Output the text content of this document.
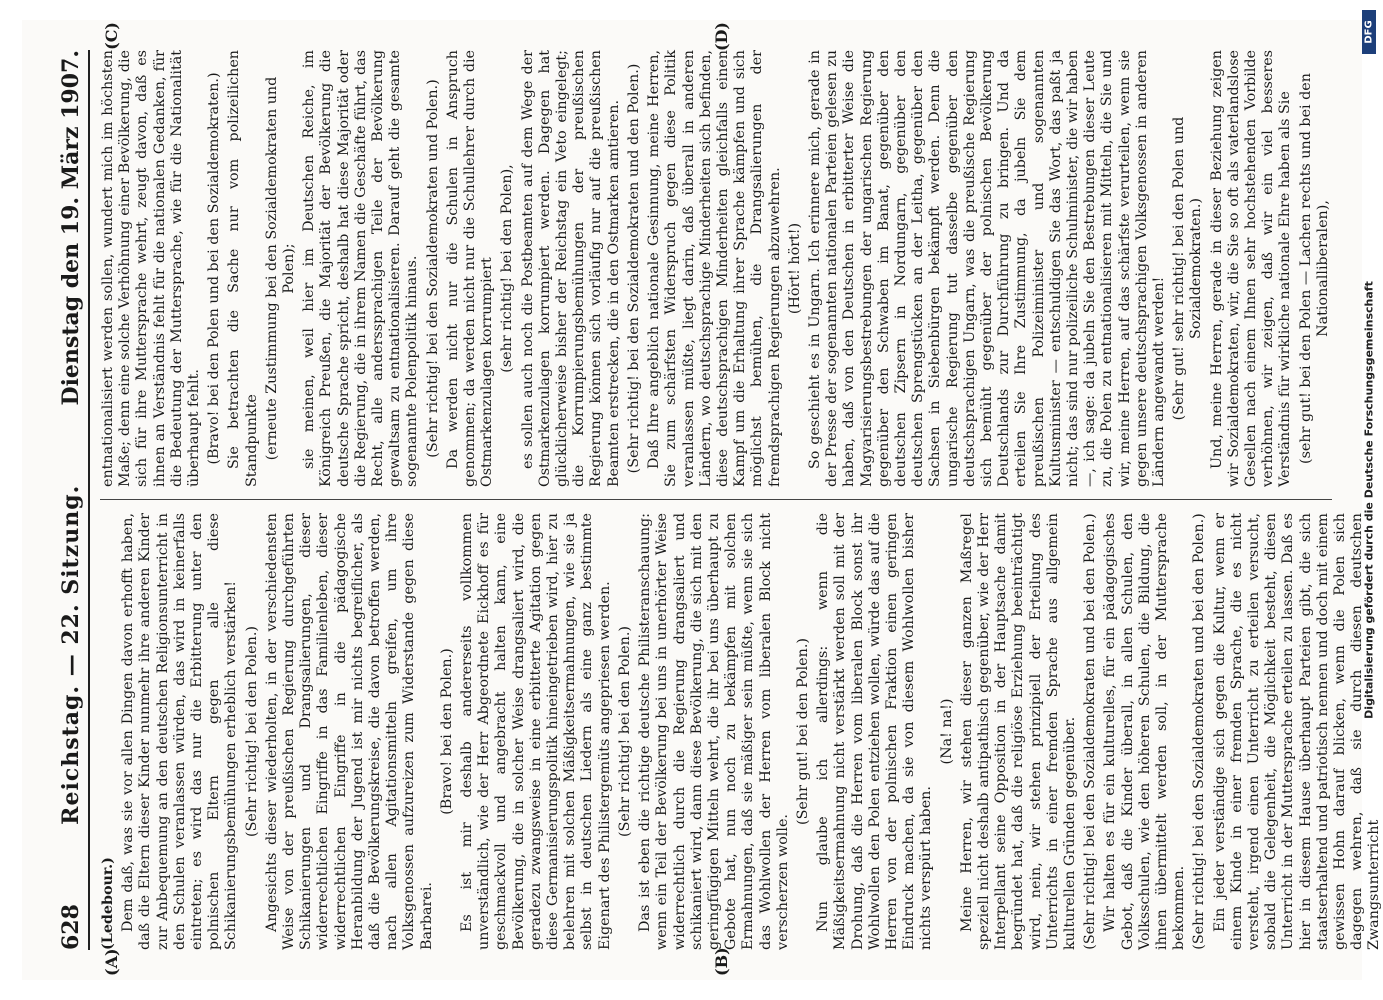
628
Reichstag. — 22. Sitzung.
Dienstag den 19. März 1907.
(A)	(B)
(C)	(D)

(Ledebour.) Dem daß, was sie vor allen Dingen davon erhofft haben, daß die Eltern dieser Kinder nunmehr ihre anderen Kinder zur Anbequemung an den deutschen Religionsunterricht in den Schulen veranlassen würden, das wird in keinerfalls eintreten; es wird das nur die Erbitterung unter den polnischen Eltern gegen alle diese Schikanierungsbemühungen erheblich verstärken! (Sehr richtig! bei den Polen.) Angesichts dieser wiederholten, in der verschiedensten Weise von der preußischen Regierung durchgeführten Schikanierungen und Drangsalierungen, dieser widerrechtlichen Eingriffe in das Familienleben, dieser widerrechtlichen Eingriffe in die pädagogische Heranbildung der Jugend ist mir nichts begreiflicher, als daß die Bevölkerungskreise, die davon betroffen werden, nach allen Agitationsmitteln greifen, um ihre Volksgenossen aufzureizen zum Widerstande gegen diese Barbarei.

(Bravo! bei den Polen.) Es ist mir deshalb andererseits vollkommen unverständlich, wie der Herr Abgeordnete Eickhoff es für geschmackvoll und angebracht halten kann, eine Bevölkerung, die in solcher Weise drangsaliert wird, die geradezu zwangsweise in eine erbitterte Agitation gegen diese Germanisierungspolitik hineingetrieben wird, hier zu belehren mit solchen Mäßigkeitsermahnungen, wie sie ja selbst in deutschen Liedern als eine ganz bestimmte Eigenart des Philistergemüts angepriesen werden. (Sehr richtig! bei den Polen.) Das ist eben die richtige deutsche Philisteranschauung: wenn ein Teil der Bevölkerung bei uns in unerhörter Weise widerrechtlich durch die Regierung drangsaliert und schikaniert wird, dann diese Bevölkerung, die sich mit den geringfügigen Mitteln wehrt, die ihr bei uns überhaupt zu Gebote hat, nun noch zu bekämpfen mit solchen Ermahnungen, daß sie mäßiger sein müßte, wenn sie sich das Wohlwollen der Herren vom liberalen Block nicht verscherzen wolle.

(Sehr gut! bei den Polen.) Nun glaube ich allerdings: wenn die Mäßigkeitsermahnung nicht verstärkt werden soll mit der Drohung, daß die Herren vom liberalen Block sonst ihr Wohlwollen den Polen entziehen wollen, würde das auf die Herren von der polnischen Fraktion einen geringen Eindruck machen, da sie von diesem Wohlwollen bisher nichts verspürt haben.

(Na! na!) Meine Herren, wir stehen dieser ganzen Maßregel speziell nicht deshalb antipathisch gegenüber, wie der Herr Interpellant seine Opposition in der Hauptsache damit begründet hat, daß die religiöse Erziehung beeinträchtigt wird, nein, wir stehen prinzipiell der Erteilung des Unterrichts in einer fremden Sprache aus allgemein kulturellen Gründen gegenüber. (Sehr richtig! bei den Sozialdemokraten und bei den Polen.) Wir halten es für ein kulturelles, für ein pädagogisches Gebot, daß die Kinder überall, in allen Schulen, den Volksschulen, wie den höheren Schulen, die Bildung, die ihnen übermittelt werden soll, in der Muttersprache bekommen. (Sehr richtig! bei den Sozialdemokraten und bei den Polen.) Ein jeder verständige sich gegen die Kultur, wenn er einem Kinde in einer fremden Sprache, die es nicht versteht, irgend einen Unterricht zu erteilen versucht, sobald die Gelegenheit, die Möglichkeit besteht, diesen Unterricht in der Muttersprache erteilen zu lassen. Daß es hier in diesem Hause überhaupt Parteien gibt, die sich staatserhaltend und patriotisch nennen und doch mit einem gewissen Hohn darauf blicken, wenn die Polen sich dagegen wehren, daß sie durch diesen deutschen Zwangsunterricht

entnationalisiert werden sollen, wundert mich im höchsten Maße; denn eine solche Verhöhnung einer Bevölkerung, die sich für ihre Muttersprache wehrt, zeugt davon, daß es ihnen an Verständnis fehlt für die nationalen Gedanken, für die Bedeutung der Muttersprache, wie für die Nationalität überhaupt fehlt. (Bravo! bei den Polen und bei den Sozialdemokraten.) Sie betrachten die Sache nur vom polizeilichen Standpunkte (erneute Zustimmung bei den Sozialdemokraten und Polen); sie meinen, weil hier im Deutschen Reiche, im Königreich Preußen, die Majorität der Bevölkerung die deutsche Sprache spricht, deshalb hat diese Majorität oder die Regierung, die in ihrem Namen die Geschäfte führt, das Recht, alle anderssprachigen Teile der Bevölkerung gewaltsam zu entnationalisieren. Darauf geht die gesamte sogenannte Polenpolitik hinaus. (Sehr richtig! bei den Sozialdemokraten und Polen.) Da werden nicht nur die Schulen in Anspruch genommen; da werden nicht nur die Schullehrer durch die Ostmarkenzulagen korrumpiert (sehr richtig! bei den Polen), es sollen auch noch die Postbeamten auf dem Wege der Ostmarkenzulagen korrumpiert werden. Dagegen hat glücklicherweise bisher der Reichstag ein Veto eingelegt; die Korrumpierungsbemühungen der preußischen Regierung können sich vorläufig nur auf die preußischen Beamten erstrecken, die in den Ostmarken amtieren. (Sehr richtig! bei den Sozialdemokraten und den Polen.) Daß Ihre angeblich nationale Gesinnung, meine Herren, Sie zum schärfsten Widerspruch gegen diese Politik veranlassen müßte, liegt darin, daß überall in anderen Ländern, wo deutschsprachige Minderheiten sich befinden, diese deutschsprachigen Minderheiten gleichfalls einen Kampf um die Erhaltung ihrer Sprache kämpfen und sich möglichst bemühen, die Drangsalierungen der fremdsprachigen Regierungen abzuwehren. (Hört! hört!) So geschieht es in Ungarn. Ich erinnere mich, gerade in der Presse der sogenannten nationalen Parteien gelesen zu haben, daß von den Deutschen in erbitterter Weise die Magyarisierungsbestrebungen der ungarischen Regierung gegenüber den Schwaben im Banat, gegenüber den deutschen Zipsern in Nordungarn, gegenüber den deutschen Sprengstücken an der Leitha, gegenüber den Sachsen in Siebenbürgen bekämpft werden. Denn die ungarische Regierung tut dasselbe gegenüber den deutschsprachigen Ungarn, was die preußische Regierung sich bemüht gegenüber der polnischen Bevölkerung Deutschlands zur Durchführung zu bringen. Und da erteilen Sie Ihre Zustimmung, da jubeln Sie dem preußischen Polizeiminister und sogenannten Kultusminister — entschuldigen Sie das Wort, das paßt ja nicht; das sind nur polizeiliche Schulminister, die wir haben —, ich sage: da jubeln Sie den Bestrebungen dieser Leute zu, die Polen zu entnationalisieren mit Mitteln, die Sie und wir, meine Herren, auf das schärfste verurteilen, wenn sie gegen unsere deutschsprachigen Volksgenossen in anderen Ländern angewandt werden! (Sehr gut! sehr richtig! bei den Polen und Sozialdemokraten.) Und, meine Herren, gerade in dieser Beziehung zeigen wir Sozialdemokraten, wir, die Sie so oft als vaterlandslose Gesellen nach einem Ihnen sehr hochstehenden Vorbilde verhöhnen, wir zeigen, daß wir ein viel besseres Verständnis für wirkliche nationale Ehre haben als Sie (sehr gut! bei den Polen — Lachen rechts und bei den Nationalliberalen),

DFG
Digitalisierung gefördert durch die Deutsche Forschungsgemeinschaft
